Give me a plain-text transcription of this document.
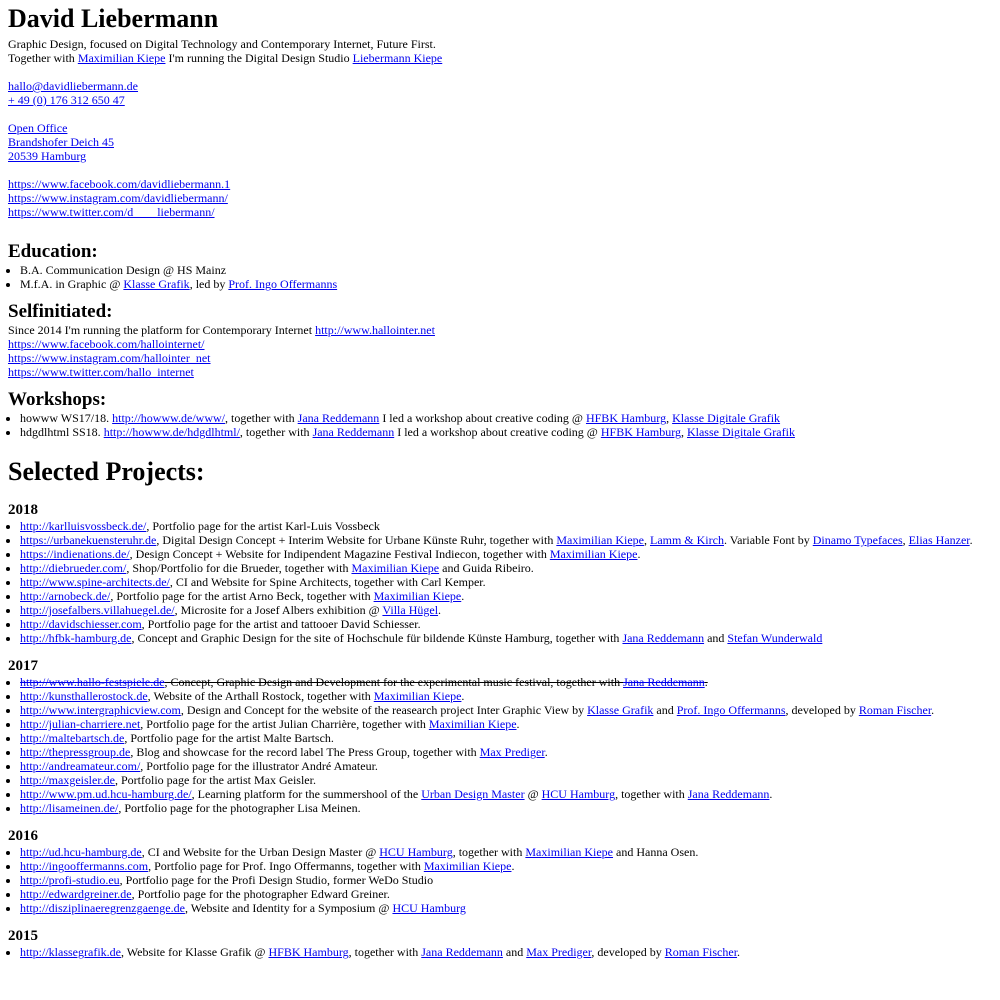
David Liebermann
Graphic Design, focused on Digital Technology and Contemporary Internet, Future First.
Together with Maximilian Kiepe I'm running the Digital Design Studio Liebermann Kiepe
hallo@davidliebermann.de
+ 49 (0) 176 312 650 47
Open Office
Brandshofer Deich 45
20539 Hamburg
https://www.facebook.com/davidliebermann.1
https://www.instagram.com/davidliebermann/
https://www.twitter.com/d____liebermann/
Education:
• B.A. Communication Design @ HS Mainz
• M.f.A. in Graphic @ Klasse Grafik, led by Prof. Ingo Offermanns
Selfinitiated:
Since 2014 I'm running the platform for Contemporary Internet http://www.hallointer.net
https://www.facebook.com/hallointernet/
https://www.instagram.com/hallointer_net
https://www.twitter.com/hallo_internet
Workshops:
• howww WS17/18. http://howww.de/www/, together with Jana Reddemann I led a workshop about creative coding @ HFBK Hamburg, Klasse Digitale Grafik
• hdgdlhtml SS18. http://howww.de/hdgdlhtml/, together with Jana Reddemann I led a workshop about creative coding @ HFBK Hamburg, Klasse Digitale Grafik
Selected Projects:
2018
• http://karlluisvossbeck.de/, Portfolio page for the artist Karl-Luis Vossbeck
• https://urbanekuensteruhr.de, Digital Design Concept + Interim Website for Urbane Künste Ruhr, together with Maximilian Kiepe, Lamm & Kirch. Variable Font by Dinamo Typefaces, Elias Hanzer.
• https://indienations.de/, Design Concept + Website for Indipendent Magazine Festival Indiecon, together with Maximilian Kiepe.
• http://diebrueder.com/, Shop/Portfolio for die Brueder, together with Maximilian Kiepe and Guida Ribeiro.
• http://www.spine-architects.de/, CI and Website for Spine Architects, together with Carl Kemper.
• http://arnobeck.de/, Portfolio page for the artist Arno Beck, together with Maximilian Kiepe.
• http://josefalbers.villahuegel.de/, Microsite for a Josef Albers exhibition @ Villa Hügel.
• http://davidschiesser.com, Portfolio page for the artist and tattooer David Schiesser.
• http://hfbk-hamburg.de, Concept and Graphic Design for the site of Hochschule für bildende Künste Hamburg, together with Jana Reddemann and Stefan Wunderwald
2017
• http://www.hallo-festspiele.de, Concept, Graphic Design and Development for the experimental music festival, together with Jana Reddemann.
• http://kunsthallerostock.de, Website of the Arthall Rostock, together with Maximilian Kiepe.
• http://www.intergraphicview.com, Design and Concept for the website of the reasearch project Inter Graphic View by Klasse Grafik and Prof. Ingo Offermanns, developed by Roman Fischer.
• http://julian-charriere.net, Portfolio page for the artist Julian Charrière, together with Maximilian Kiepe.
• http://maltebartsch.de, Portfolio page for the artist Malte Bartsch.
• http://thepressgroup.de, Blog and showcase for the record label The Press Group, together with Max Prediger.
• http://andreamateur.com/, Portfolio page for the illustrator André Amateur.
• http://maxgeisler.de, Portfolio page for the artist Max Geisler.
• http://www.pm.ud.hcu-hamburg.de/, Learning platform for the summershool of the Urban Design Master @ HCU Hamburg, together with Jana Reddemann.
• http://lisameinen.de/, Portfolio page for the photographer Lisa Meinen.
2016
• http://ud.hcu-hamburg.de, CI and Website for the Urban Design Master @ HCU Hamburg, together with Maximilian Kiepe and Hanna Osen.
• http://ingooffermanns.com, Portfolio page for Prof. Ingo Offermanns, together with Maximilian Kiepe.
• http://profi-studio.eu, Portfolio page for the Profi Design Studio, former WeDo Studio
• http://edwardgreiner.de, Portfolio page for the photographer Edward Greiner.
• http://disziplinaeregrenzgaenge.de, Website and Identity for a Symposium @ HCU Hamburg
2015
• http://klassegrafik.de, Website for Klasse Grafik @ HFBK Hamburg, together with Jana Reddemann and Max Prediger, developed by Roman Fischer.
